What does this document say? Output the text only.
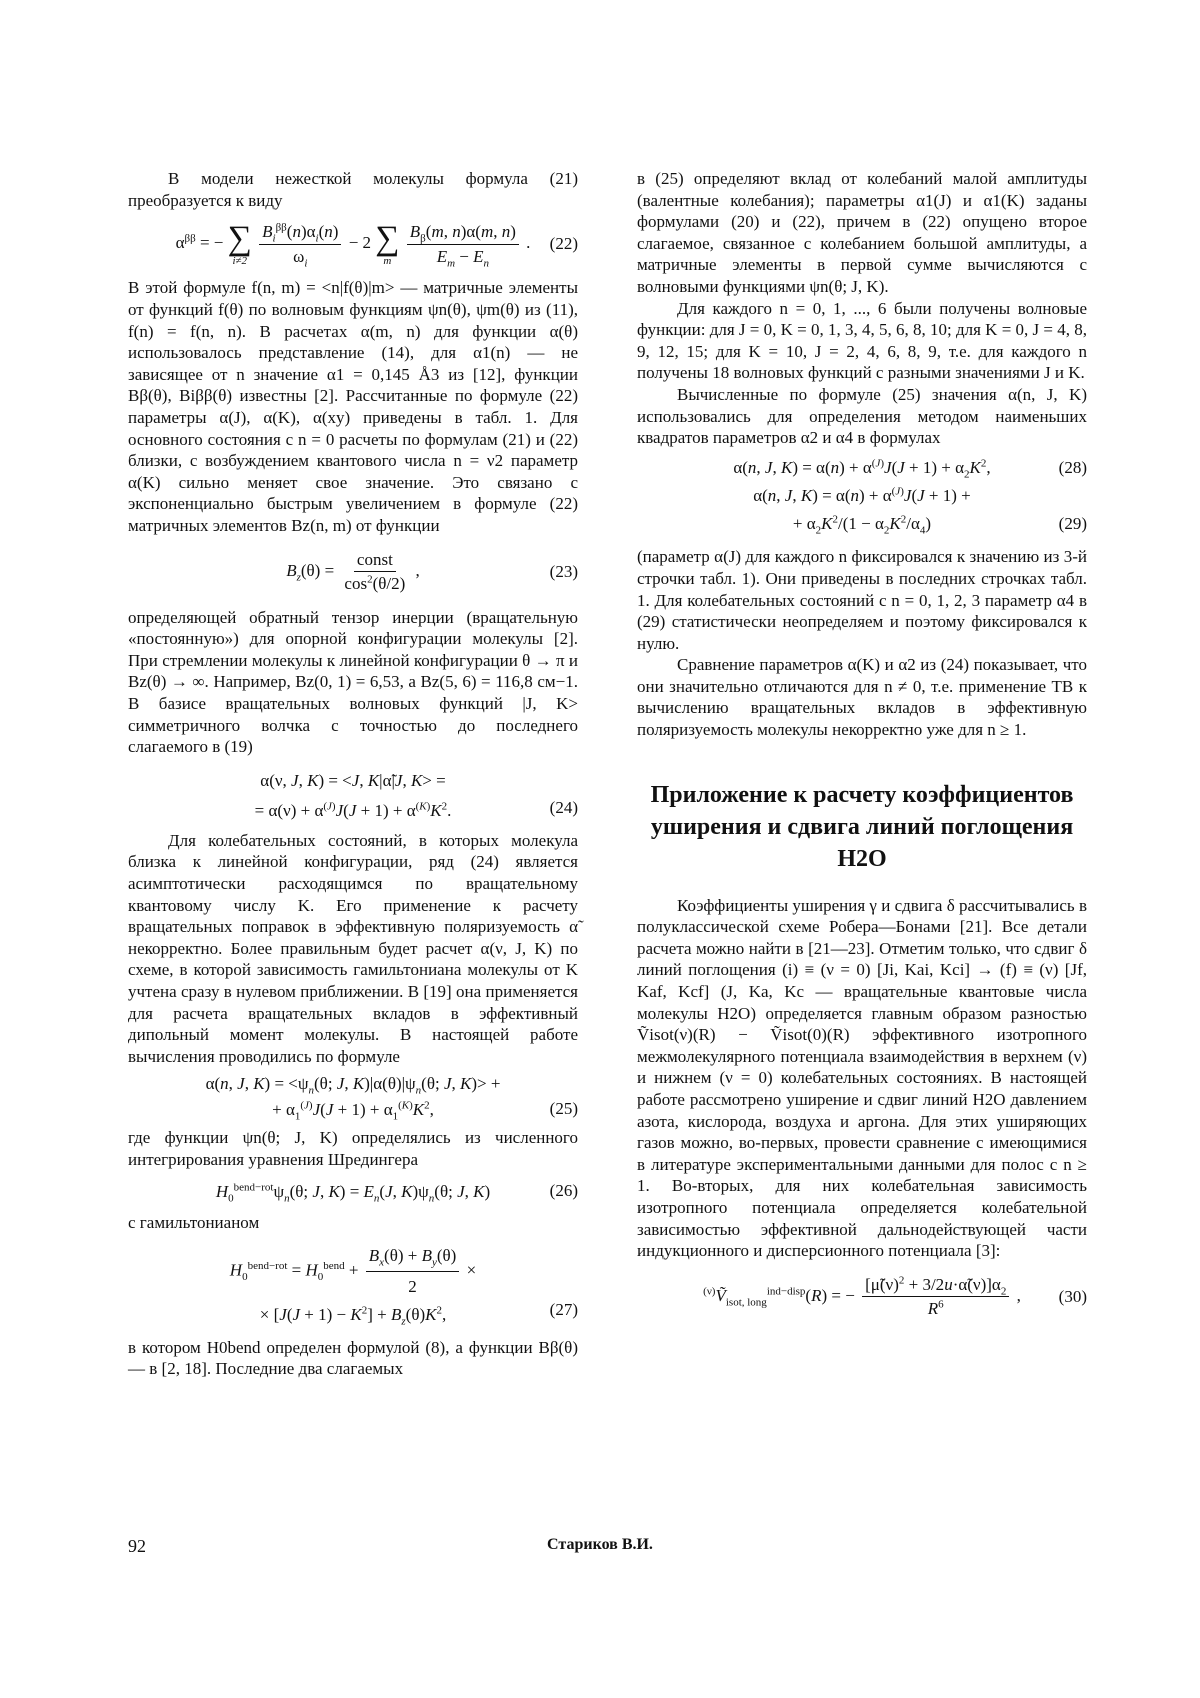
В модели нежесткой молекулы формула (21) преобразуется к виду

$\alpha^{\beta\beta}$ = − ∑
i≠2
$\frac{B_i^{\beta\beta}(n)\alpha_i(n)}{\omega_i} - 2$ ∑
m
$\frac{B_\beta(m, n)\alpha(m, n)}{E_m - E_n}$ . (22)

В этой формуле f(n, m) = <n|f(θ)|m> — матричные элементы от функций f(θ) по волновым функциям ψn(θ), ψm(θ) из (11), f(n) = f(n, n). В расчетах α(m, n) для функции α(θ) использовалось представление (14), для α1(n) — не зависящее от n значение α1 = 0,145 Å3 из [12], функции Bβ(θ), Biββ(θ) известны [2]. Рассчитанные по формуле (22) параметры α(J), α(K), α(xy) приведены в табл. 1. Для основного состояния с n = 0 расчеты по формулам (21) и (22) близки, с возбуждением квантового числа n = ν2 параметр α(K) сильно меняет свое значение. Это связано с экспоненциально быстрым увеличением в формуле (22) матричных элементов Bz(n, m) от функции

$B_z(\theta) = \frac{\text{const}}{\cos^2(\theta/2)}$ ,	(23)

определяющей обратный тензор инерции (вращательную «постоянную») для опорной конфигурации молекулы [2]. При стремлении молекулы к линейной конфигурации θ → π и Bz(θ) → ∞. Например, Bz(0, 1) = 6,53, а Bz(5, 6) = 116,8 см−1. В базисе вращательных волновых функций |J, K> симметричного волчка с точностью до последнего слагаемого в (19)

α(ν, J, K) = <J, K|α̃|J, K> =
= $\alpha(\nu) + \alpha^{(J)}J(J + 1) + \alpha^{(K)}K^2$.	(24)

Для колебательных состояний, в которых молекула близка к линейной конфигурации, ряд (24) является асимптотически расходящимся по вращательному квантовому числу K. Его применение к расчету вращательных поправок в эффективную поляризуемость α̃ некорректно. Более правильным будет расчет α(ν, J, K) по схеме, в которой зависимость гамильтониана молекулы от K учтена сразу в нулевом приближении. В [19] она применяется для расчета вращательных вкладов в эффективный дипольный момент молекулы. В настоящей работе вычисления проводились по формуле

α(n, J, $K) = <\psi_n(\theta$; J, $K)|\alpha(\theta)|\psi_n(\theta$; J, K)> +
+ $\alpha_1^{(J)}J(J + 1) + \alpha_1^{(K)}K^2$,	(25)

где функции ψn(θ; J, K) определялись из численного интегрирования уравнения Шредингера

$H_0^{bend-rot}\psi_n(\theta$; J, $K) = E_n(J$, $K)\psi_n(\theta$; J, K)	(26)

с гамильтонианом

$H_0^{bend-rot} = H_0^{bend} + \frac{B_x(\theta) + B_y(\theta)}{2}$ ×
× $[J(J + 1) - K^2] + B_z(\theta)K^2$,	(27)

в котором H0bend определен формулой (8), а функции Bβ(θ) — в [2, 18]. Последние два слагаемых

в (25) определяют вклад от колебаний малой амплитуды (валентные колебания); параметры α1(J) и α1(K) заданы формулами (20) и (22), причем в (22) опущено второе слагаемое, связанное с колебанием большой амплитуды, а матричные элементы в первой сумме вычисляются с волновыми функциями ψn(θ; J, K).

Для каждого n = 0, 1, ..., 6 были получены волновые функции: для J = 0, K = 0, 1, 3, 4, 5, 6, 8, 10; для K = 0, J = 4, 8, 9, 12, 15; для K = 10, J = 2, 4, 6, 8, 9, т.е. для каждого n получены 18 волновых функций с разными значениями J и K.

Вычисленные по формуле (25) значения α(n, J, K) использовались для определения методом наименьших квадратов параметров α2 и α4 в формулах

α(n, J, $K) = \alpha(n) + \alpha^{(J)}J(J + 1) + \alpha_2K^2$,	(28)
α(n, J, $K) = \alpha(n) + \alpha^{(J)}J(J + 1)$ +
+ $\alpha_2K^2/(1 - \alpha_2K^2/\alpha_4)$	(29)

(параметр α(J) для каждого n фиксировался к значению из 3-й строчки табл. 1). Они приведены в последних строчках табл. 1. Для колебательных состояний с n = 0, 1, 2, 3 параметр α4 в (29) статистически неопределяем и поэтому фиксировался к нулю.

Сравнение параметров α(K) и α2 из (24) показывает, что они значительно отличаются для n ≠ 0, т.е. применение ТВ к вычислению вращательных вкладов в эффективную поляризуемость молекулы некорректно уже для n ≥ 1.

Приложение к расчету коэффициентов уширения и сдвига линий поглощения H2O

Коэффициенты уширения γ и сдвига δ рассчитывались в полуклассической схеме Робера—Бонами [21]. Все детали расчета можно найти в [21—23]. Отметим только, что сдвиг δ линий поглощения (i) ≡ (ν = 0) [Ji, Kai, Kci] → (f) ≡ (ν) [Jf, Kaf, Kcf] (J, Ka, Kc — вращательные квантовые числа молекулы H2O) определяется главным образом разностью Ṽisot(ν)(R) − Ṽisot(0)(R) эффективного изотропного межмолекулярного потенциала взаимодействия в верхнем (ν) и нижнем (ν = 0) колебательных состояниях. В настоящей работе рассмотрено уширение и сдвиг линий H2O давлением азота, кислорода, воздуха и аргона. Для этих уширяющих газов можно, во-первых, провести сравнение с имеющимися в литературе экспериментальными данными для полос с n ≥ 1. Во-вторых, для них колебательная зависимость изотропного потенциала определяется колебательной зависимостью эффективной дальнодействующей части индукционного и дисперсионного потенциала [3]:

$^{(\nu)}$Ṽ$_{isot, long}^{ind-disp}$(R) = − $\frac{[\mũ(\nu)^2 + 3/2u\cdot\alphã(\nu)]\alpha_2}{R^6}$ , (30)
92	Стариков В.И.
